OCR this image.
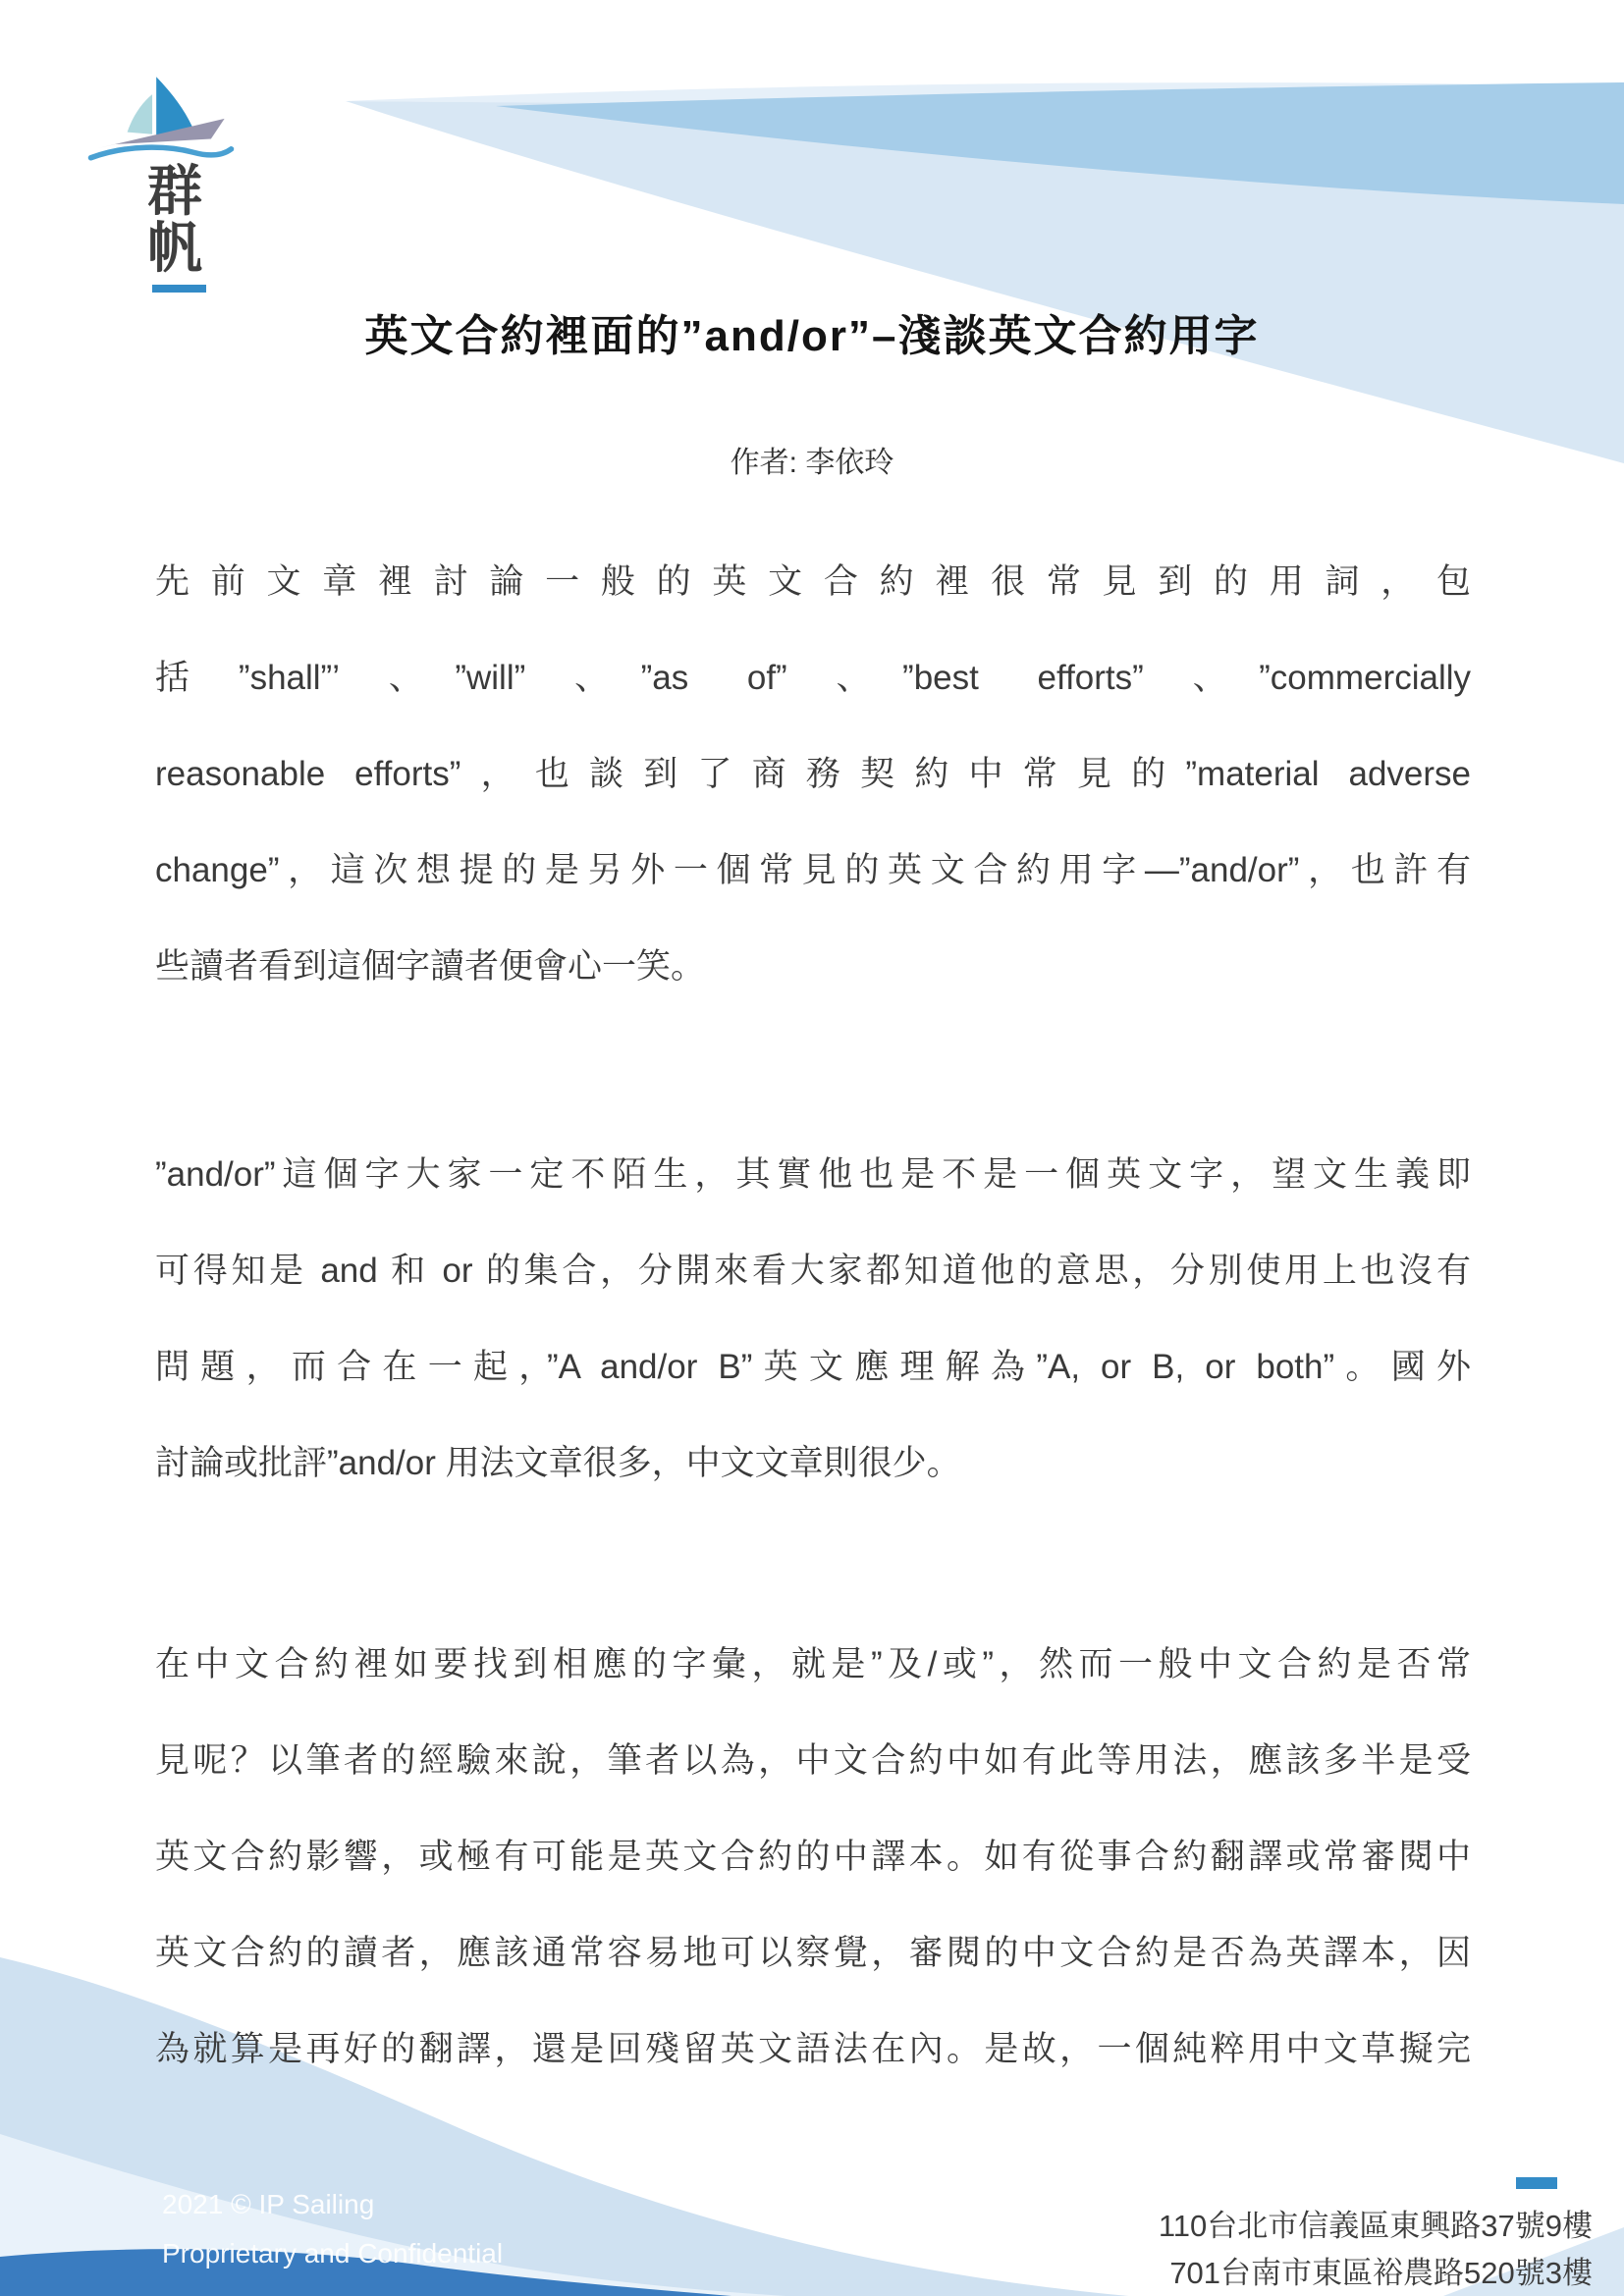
群帆
英文合約裡面的”and/or”–淺談英文合約用字
作者: 李依玲
先前文章裡討論一般的英文合約裡很常見到的用詞，包
括”shall”’、”will”、”as of”、”best efforts”、”commercially
reasonable efforts”，也談到了商務契約中常見的”material adverse
change”，這次想提的是另外一個常見的英文合約用字—”and/or”，也許有
些讀者看到這個字讀者便會心一笑。
”and/or”這個字大家一定不陌生，其實他也是不是一個英文字，望文生義即
可得知是 and 和 or 的集合，分開來看大家都知道他的意思，分別使用上也沒有
問題，而合在一起，”A and/or B”英文應理解為”A, or B, or both”。國外
討論或批評”and/or 用法文章很多，中文文章則很少。
在中文合約裡如要找到相應的字彙，就是”及/或”，然而一般中文合約是否常
見呢？以筆者的經驗來說，筆者以為，中文合約中如有此等用法，應該多半是受
英文合約影響，或極有可能是英文合約的中譯本。如有從事合約翻譯或常審閱中
英文合約的讀者，應該通常容易地可以察覺，審閱的中文合約是否為英譯本，因
為就算是再好的翻譯，還是回殘留英文語法在內。是故，一個純粹用中文草擬完
2021 © IP Sailing
Proprietary and Confidential
110台北市信義區東興路37號9樓
701台南市東區裕農路520號3樓
